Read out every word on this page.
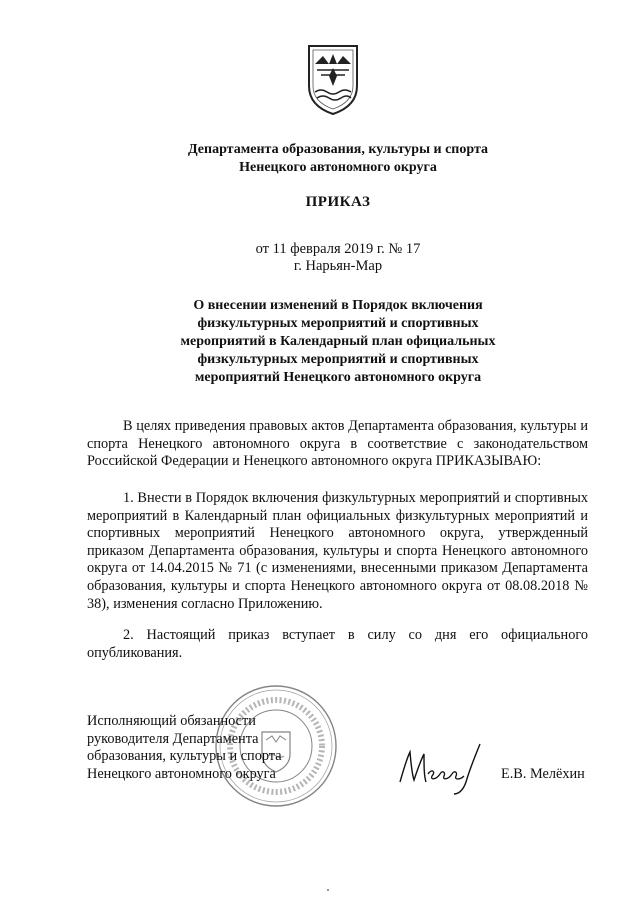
Департамента образования, культуры и спорта
Ненецкого автономного округа
ПРИКАЗ
от 11 февраля 2019 г. № 17
г. Нарьян-Мар
О внесении изменений в Порядок включения
физкультурных мероприятий и спортивных
мероприятий в Календарный план официальных
физкультурных мероприятий и спортивных
мероприятий Ненецкого автономного округа
В целях приведения правовых актов Департамента образования, культуры и спорта Ненецкого автономного округа в соответствие с законодательством Российской Федерации и Ненецкого автономного округа ПРИКАЗЫВАЮ:
1. Внести в Порядок включения физкультурных мероприятий и спортивных мероприятий в Календарный план официальных физкультурных мероприятий и спортивных мероприятий Ненецкого автономного округа, утвержденный приказом Департамента образования, культуры и спорта Ненецкого автономного округа от 14.04.2015 № 71 (с изменениями, внесенными приказом Департамента образования, культуры и спорта Ненецкого автономного округа от 08.08.2018 № 38), изменения согласно Приложению.
2. Настоящий приказ вступает в силу со дня его официального опубликования.
Исполняющий обязанности
руководителя Департамента
образования, культуры и спорта
Ненецкого автономного округа	Е.В. Мелёхин
